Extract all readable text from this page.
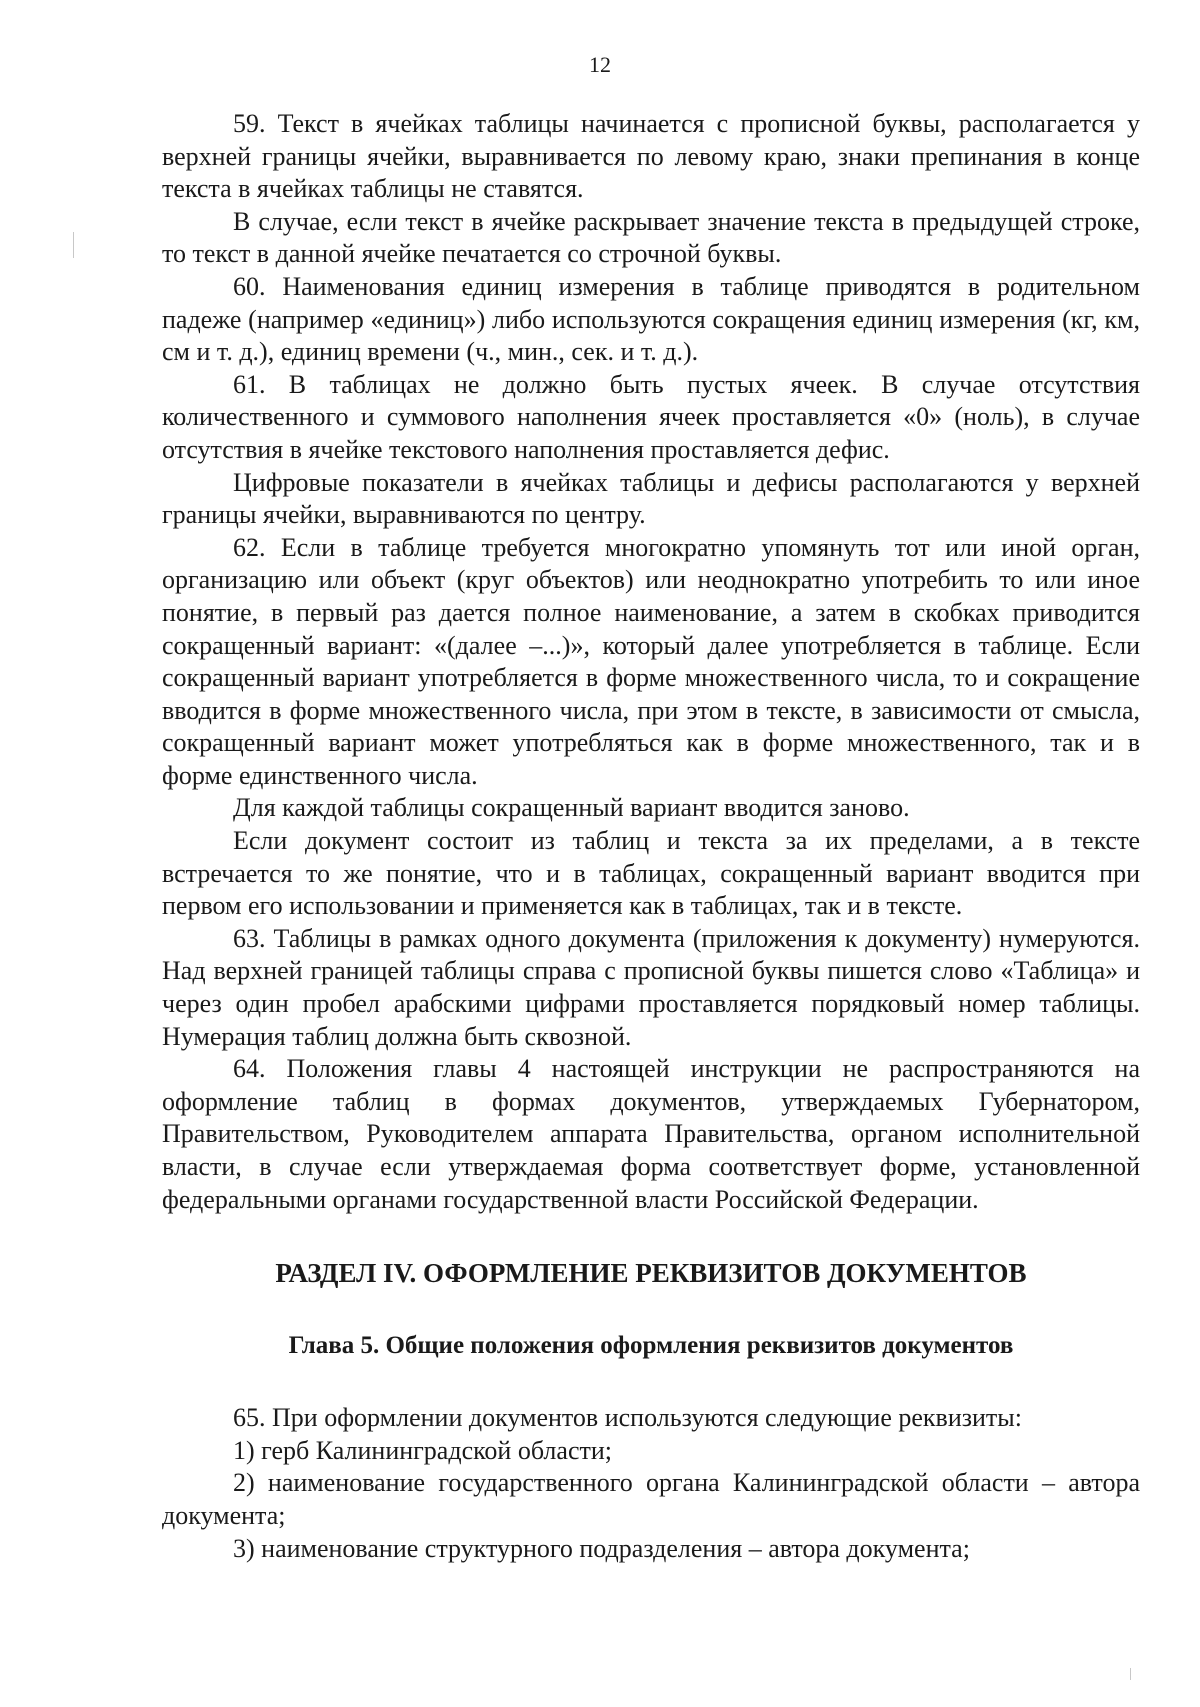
12

59. Текст в ячейках таблицы начинается с прописной буквы, располагается у верхней границы ячейки, выравнивается по левому краю, знаки препинания в конце текста в ячейках таблицы не ставятся.

В случае, если текст в ячейке раскрывает значение текста в предыдущей строке, то текст в данной ячейке печатается со строчной буквы.

60. Наименования единиц измерения в таблице приводятся в родительном падеже (например «единиц») либо используются сокращения единиц измерения (кг, км, см и т. д.), единиц времени (ч., мин., сек. и т. д.).

61. В таблицах не должно быть пустых ячеек. В случае отсутствия количественного и суммового наполнения ячеек проставляется «0» (ноль), в случае отсутствия в ячейке текстового наполнения проставляется дефис.

Цифровые показатели в ячейках таблицы и дефисы располагаются у верхней границы ячейки, выравниваются по центру.

62. Если в таблице требуется многократно упомянуть тот или иной орган, организацию или объект (круг объектов) или неоднократно употребить то или иное понятие, в первый раз дается полное наименование, а затем в скобках приводится сокращенный вариант: «(далее –...)», который далее употребляется в таблице. Если сокращенный вариант употребляется в форме множественного числа, то и сокращение вводится в форме множественного числа, при этом в тексте, в зависимости от смысла, сокращенный вариант может употребляться как в форме множественного, так и в форме единственного числа.

Для каждой таблицы сокращенный вариант вводится заново.

Если документ состоит из таблиц и текста за их пределами, а в тексте встречается то же понятие, что и в таблицах, сокращенный вариант вводится при первом его использовании и применяется как в таблицах, так и в тексте.

63. Таблицы в рамках одного документа (приложения к документу) нумеруются. Над верхней границей таблицы справа с прописной буквы пишется слово «Таблица» и через один пробел арабскими цифрами проставляется порядковый номер таблицы. Нумерация таблиц должна быть сквозной.

64. Положения главы 4 настоящей инструкции не распространяются на оформление таблиц в формах документов, утверждаемых Губернатором, Правительством, Руководителем аппарата Правительства, органом исполнительной власти, в случае если утверждаемая форма соответствует форме, установленной федеральными органами государственной власти Российской Федерации.

РАЗДЕЛ IV. ОФОРМЛЕНИЕ РЕКВИЗИТОВ ДОКУМЕНТОВ
Глава 5. Общие положения оформления реквизитов документов

65. При оформлении документов используются следующие реквизиты:

1) герб Калининградской области;

2) наименование государственного органа Калининградской области – автора документа;

3) наименование структурного подразделения – автора документа;
